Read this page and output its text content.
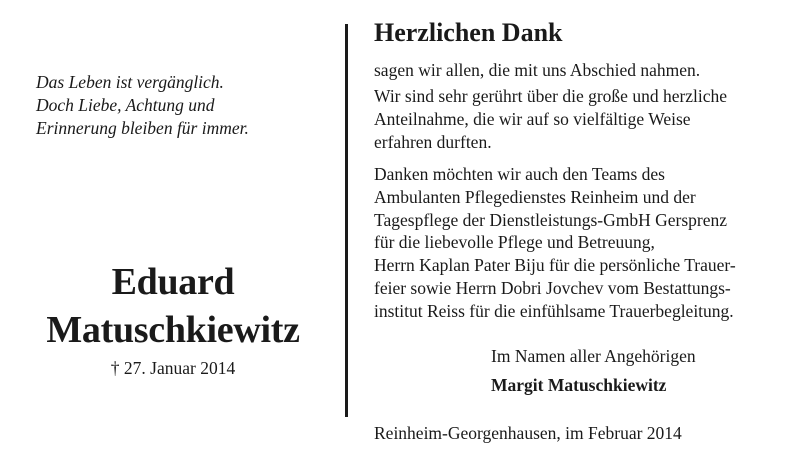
Das Leben ist vergänglich.
Doch Liebe, Achtung und
Erinnerung bleiben für immer.
Eduard
Matuschkiewitz
† 27. Januar 2014
Herzlichen Dank
sagen wir allen, die mit uns Abschied nahmen.
Wir sind sehr gerührt über die große und herzliche
Anteilnahme, die wir auf so vielfältige Weise
erfahren durften.
Danken möchten wir auch den Teams des
Ambulanten Pflegedienstes Reinheim und der
Tagespflege der Dienstleistungs-GmbH Gersprenz
für die liebevolle Pflege und Betreuung,
Herrn Kaplan Pater Biju für die persönliche Trauer-
feier sowie Herrn Dobri Jovchev vom Bestattungs-
institut Reiss für die einfühlsame Trauerbegleitung.
Im Namen aller Angehörigen
Margit Matuschkiewitz
Reinheim-Georgenhausen, im Februar 2014
